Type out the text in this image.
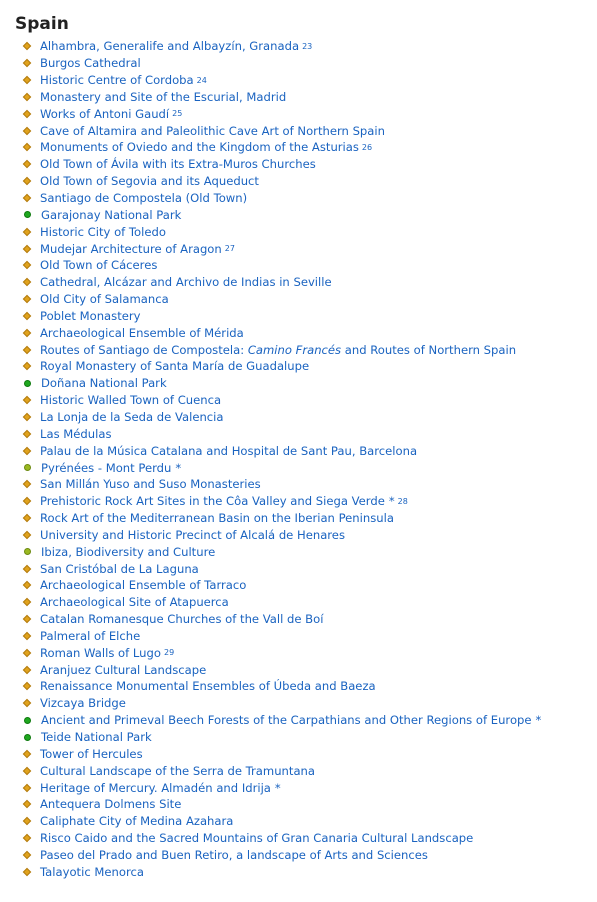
Spain
Alhambra, Generalife and Albayzín, Granada 23
Burgos Cathedral
Historic Centre of Cordoba 24
Monastery and Site of the Escurial, Madrid
Works of Antoni Gaudí 25
Cave of Altamira and Paleolithic Cave Art of Northern Spain
Monuments of Oviedo and the Kingdom of the Asturias 26
Old Town of Ávila with its Extra-Muros Churches
Old Town of Segovia and its Aqueduct
Santiago de Compostela (Old Town)
Garajonay National Park
Historic City of Toledo
Mudejar Architecture of Aragon 27
Old Town of Cáceres
Cathedral, Alcázar and Archivo de Indias in Seville
Old City of Salamanca
Poblet Monastery
Archaeological Ensemble of Mérida
Routes of Santiago de Compostela: Camino Francés and Routes of Northern Spain
Royal Monastery of Santa María de Guadalupe
Doñana National Park
Historic Walled Town of Cuenca
La Lonja de la Seda de Valencia
Las Médulas
Palau de la Música Catalana and Hospital de Sant Pau, Barcelona
Pyrénées - Mont Perdu *
San Millán Yuso and Suso Monasteries
Prehistoric Rock Art Sites in the Côa Valley and Siega Verde * 28
Rock Art of the Mediterranean Basin on the Iberian Peninsula
University and Historic Precinct of Alcalá de Henares
Ibiza, Biodiversity and Culture
San Cristóbal de La Laguna
Archaeological Ensemble of Tarraco
Archaeological Site of Atapuerca
Catalan Romanesque Churches of the Vall de Boí
Palmeral of Elche
Roman Walls of Lugo 29
Aranjuez Cultural Landscape
Renaissance Monumental Ensembles of Úbeda and Baeza
Vizcaya Bridge
Ancient and Primeval Beech Forests of the Carpathians and Other Regions of Europe *
Teide National Park
Tower of Hercules
Cultural Landscape of the Serra de Tramuntana
Heritage of Mercury. Almadén and Idrija *
Antequera Dolmens Site
Caliphate City of Medina Azahara
Risco Caido and the Sacred Mountains of Gran Canaria Cultural Landscape
Paseo del Prado and Buen Retiro, a landscape of Arts and Sciences
Talayotic Menorca
